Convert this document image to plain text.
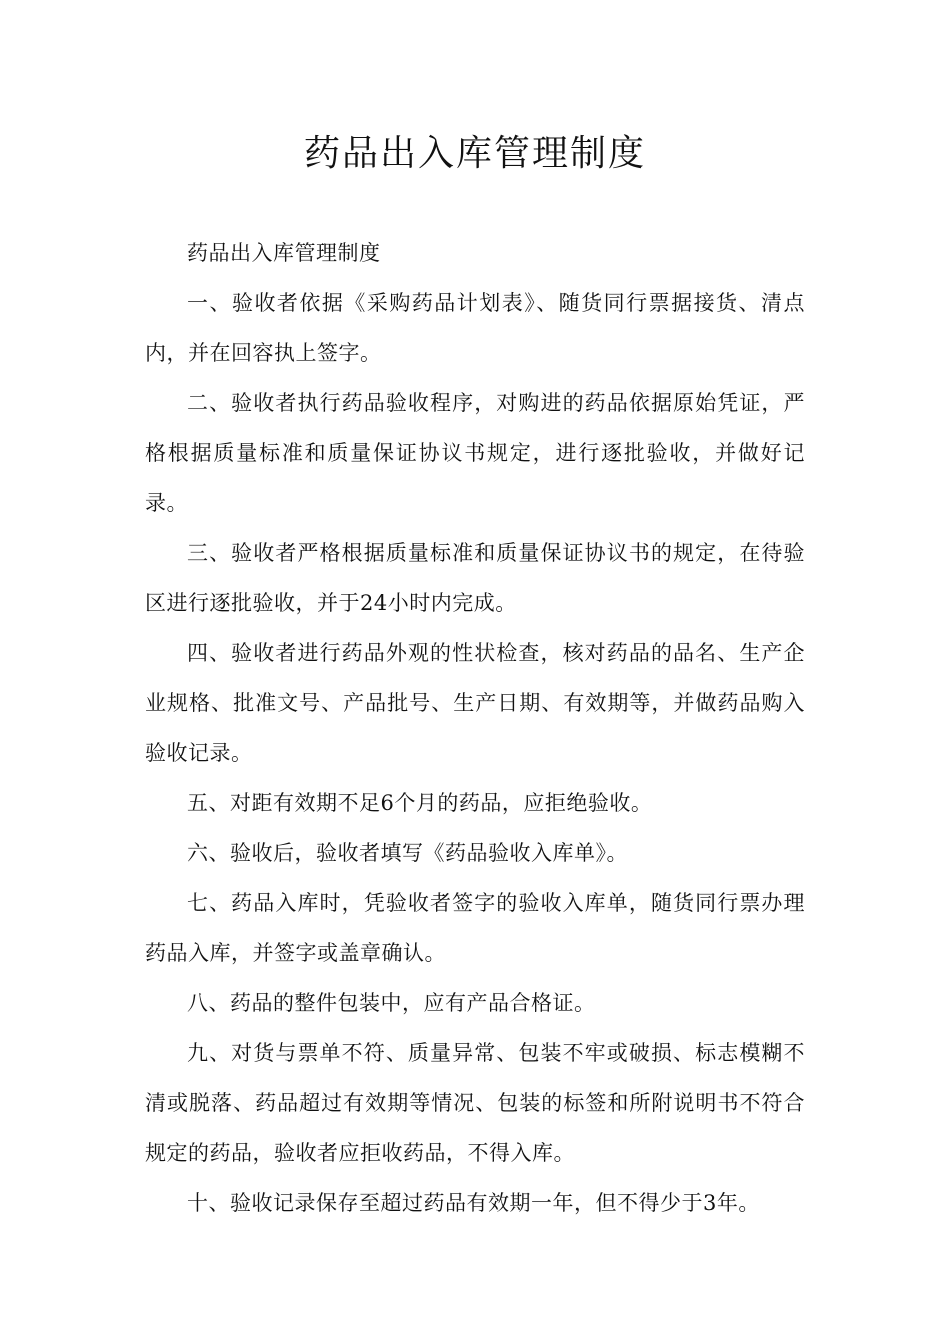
药品出入库管理制度

药品出入库管理制度

一、验收者依据《采购药品计划表》、随货同行票据接货、清点内，并在回容执上签字。

二、验收者执行药品验收程序，对购进的药品依据原始凭证，严格根据质量标准和质量保证协议书规定，进行逐批验收，并做好记录。

三、验收者严格根据质量标准和质量保证协议书的规定，在待验区进行逐批验收，并于24小时内完成。

四、验收者进行药品外观的性状检查，核对药品的品名、生产企业规格、批准文号、产品批号、生产日期、有效期等，并做药品购入验收记录。

五、对距有效期不足6个月的药品，应拒绝验收。

六、验收后，验收者填写《药品验收入库单》。

七、药品入库时，凭验收者签字的验收入库单，随货同行票办理药品入库，并签字或盖章确认。

八、药品的整件包装中，应有产品合格证。

九、对货与票单不符、质量异常、包装不牢或破损、标志模糊不清或脱落、药品超过有效期等情况、包装的标签和所附说明书不符合规定的药品，验收者应拒收药品，不得入库。

十、验收记录保存至超过药品有效期一年，但不得少于3年。
